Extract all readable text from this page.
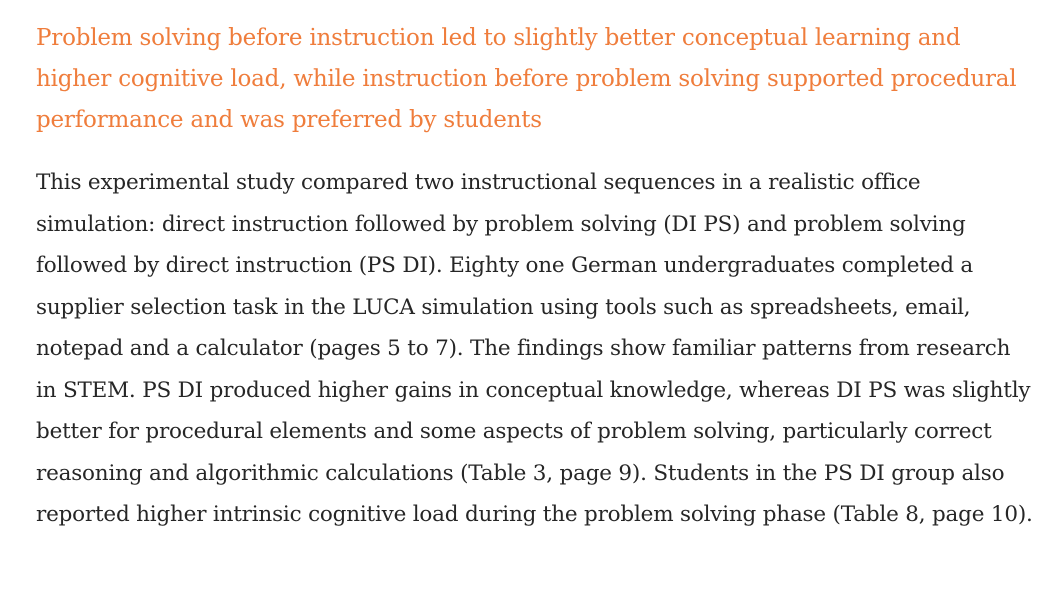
Problem solving before instruction led to slightly better conceptual learning and higher cognitive load, while instruction before problem solving supported procedural performance and was preferred by students

This experimental study compared two instructional sequences in a realistic office simulation: direct instruction followed by problem solving (DI PS) and problem solving followed by direct instruction (PS DI). Eighty one German undergraduates completed a supplier selection task in the LUCA simulation using tools such as spreadsheets, email, notepad and a calculator (pages 5 to 7). The findings show familiar patterns from research in STEM. PS DI produced higher gains in conceptual knowledge, whereas DI PS was slightly better for procedural elements and some aspects of problem solving, particularly correct reasoning and algorithmic calculations (Table 3, page 9). Students in the PS DI group also reported higher intrinsic cognitive load during the problem solving phase (Table 8, page 10).
